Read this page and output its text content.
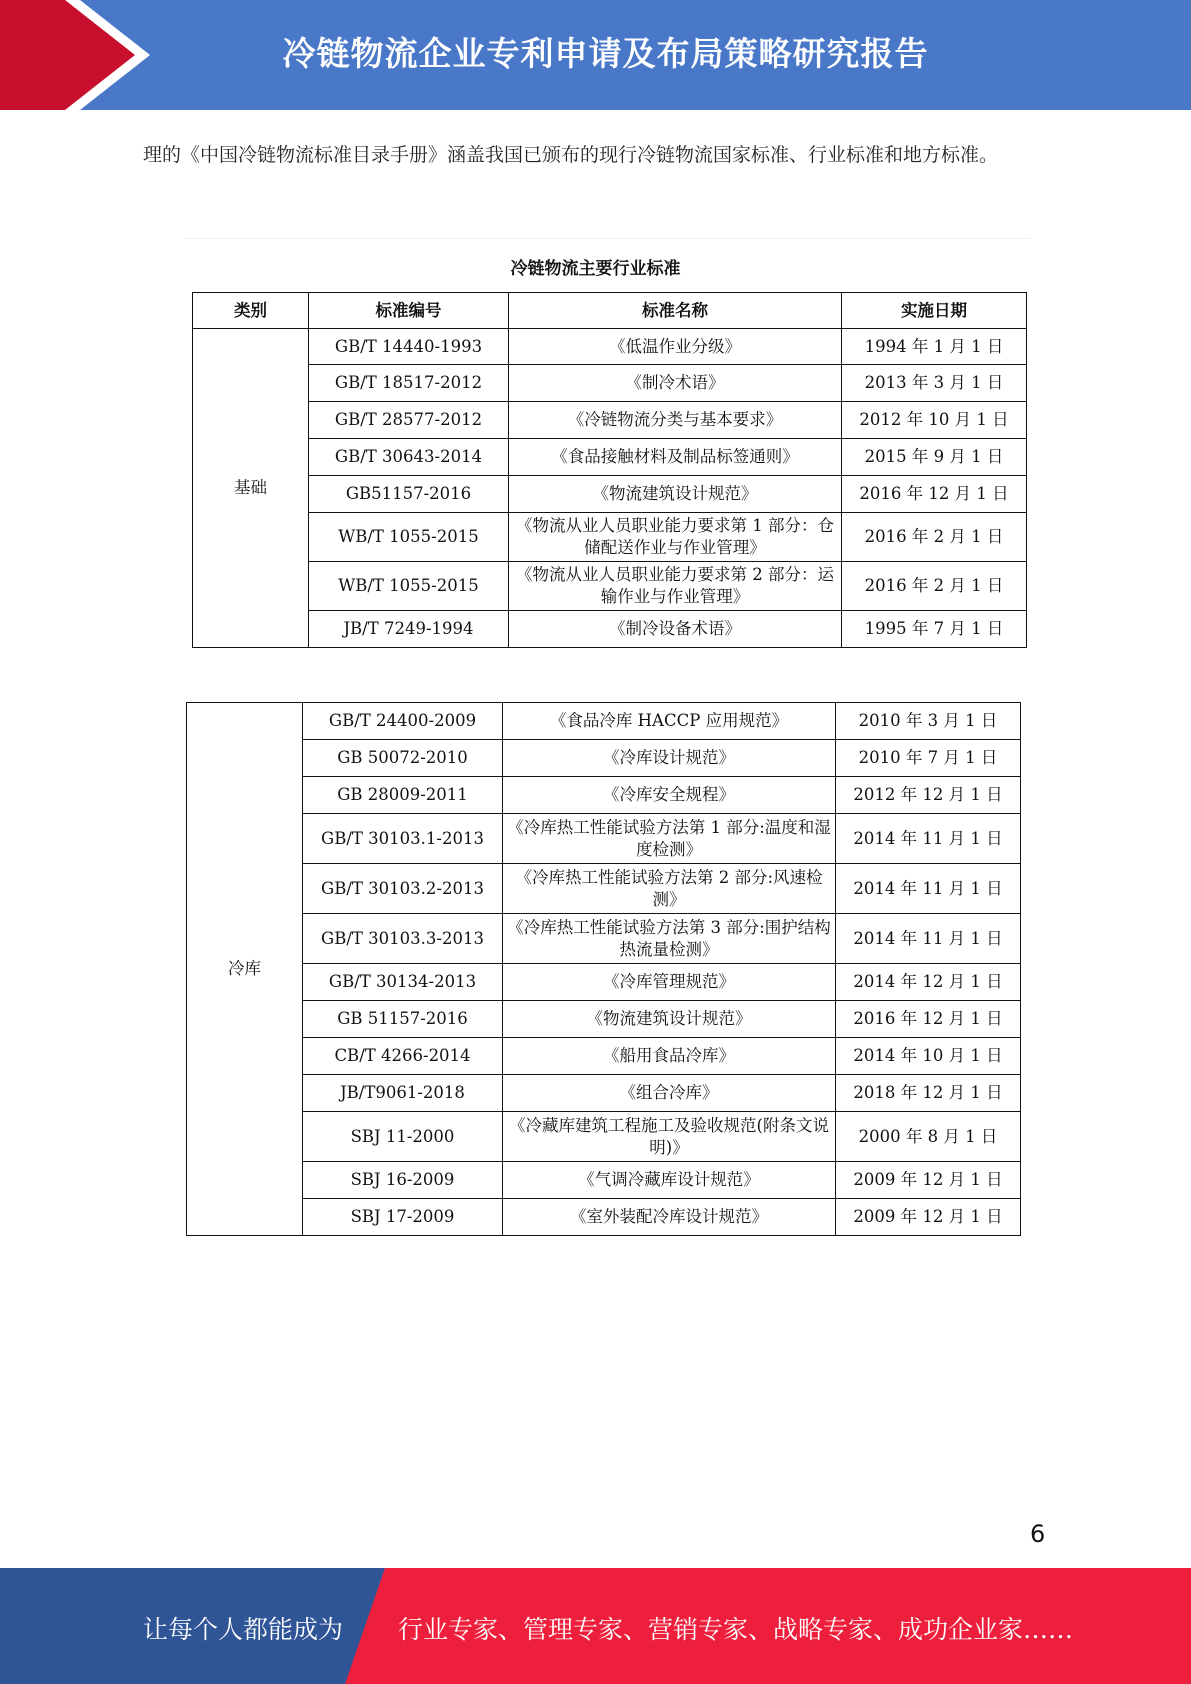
冷链物流企业专利申请及布局策略研究报告
理的《中国冷链物流标准目录手册》涵盖我国已颁布的现行冷链物流国家标准、行业标准和地方标准。
冷链物流主要行业标准
类别	标准编号	标准名称	实施日期
基础	GB/T 14440-1993	《低温作业分级》	1994 年 1 月 1 日
	GB/T 18517-2012	《制冷术语》	2013 年 3 月 1 日
	GB/T 28577-2012	《冷链物流分类与基本要求》	2012 年 10 月 1 日
	GB/T 30643-2014	《食品接触材料及制品标签通则》	2015 年 9 月 1 日
	GB51157-2016	《物流建筑设计规范》	2016 年 12 月 1 日
	WB/T 1055-2015	《物流从业人员职业能力要求第 1 部分：仓储配送作业与作业管理》	2016 年 2 月 1 日
	WB/T 1055-2015	《物流从业人员职业能力要求第 2 部分：运输作业与作业管理》	2016 年 2 月 1 日
	JB/T 7249-1994	《制冷设备术语》	1995 年 7 月 1 日
冷库	GB/T 24400-2009	《食品冷库 HACCP 应用规范》	2010 年 3 月 1 日
	GB 50072-2010	《冷库设计规范》	2010 年 7 月 1 日
	GB 28009-2011	《冷库安全规程》	2012 年 12 月 1 日
	GB/T 30103.1-2013	《冷库热工性能试验方法第 1 部分:温度和湿度检测》	2014 年 11 月 1 日
	GB/T 30103.2-2013	《冷库热工性能试验方法第 2 部分:风速检测》	2014 年 11 月 1 日
	GB/T 30103.3-2013	《冷库热工性能试验方法第 3 部分:围护结构热流量检测》	2014 年 11 月 1 日
	GB/T 30134-2013	《冷库管理规范》	2014 年 12 月 1 日
	GB 51157-2016	《物流建筑设计规范》	2016 年 12 月 1 日
	CB/T 4266-2014	《船用食品冷库》	2014 年 10 月 1 日
	JB/T9061-2018	《组合冷库》	2018 年 12 月 1 日
	SBJ 11-2000	《冷藏库建筑工程施工及验收规范(附条文说明)》	2000 年 8 月 1 日
	SBJ 16-2009	《气调冷藏库设计规范》	2009 年 12 月 1 日
	SBJ 17-2009	《室外装配冷库设计规范》	2009 年 12 月 1 日
6
让每个人都能成为 行业专家、管理专家、营销专家、战略专家、成功企业家……
